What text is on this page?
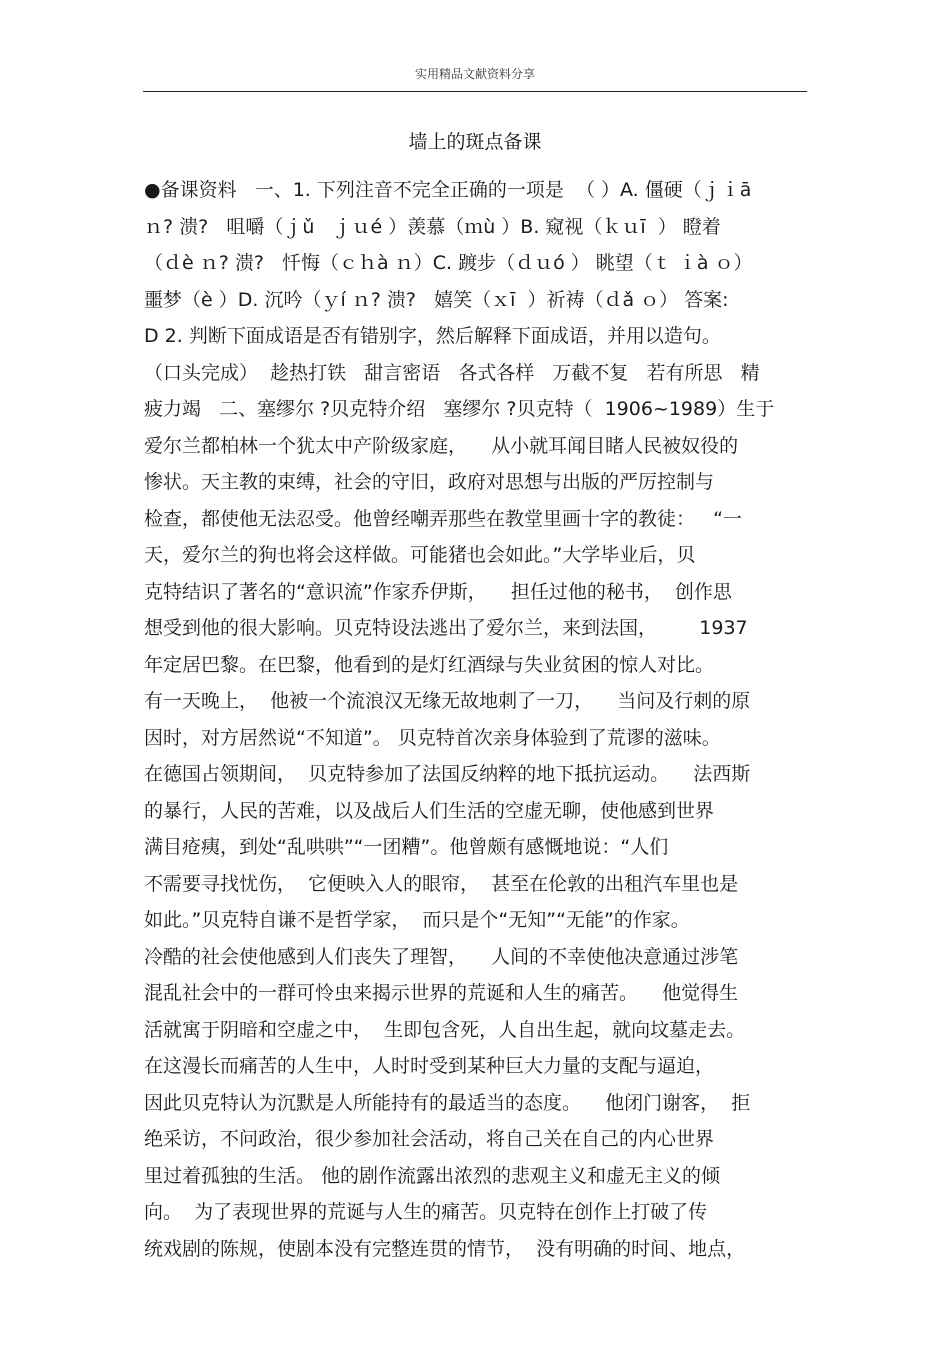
实用精品文献资料分享
墙上的斑点备课
●备课资料   一、1. 下列注音不完全正确的一项是  （ ）A. 僵硬（ｊｉā
ｎ? 溃?   咀嚼（ｊǔ   ｊｕé ）羡慕（ｍù ）B. 窥视（ｋｕī  ） 瞪着
（ｄè ｎ? 溃?   忏悔（ｃｈà ｎ）C. 踱步（ｄｕó ） 眺望（ｔ ｉà ｏ）
噩梦（è ）D. 沉吟（ｙí ｎ? 溃?   嬉笑（ｘī  ）祈祷（ｄǎ ｏ） 答案:
D 2. 判断下面成语是否有错别字，然后解释下面成语，并用以造句。
（口头完成）  趁热打铁   甜言密语   各式各样   万截不复   若有所思   精
疲力竭   二、塞缪尔 ?贝克特介绍   塞缪尔 ?贝克特（  1906~1989）生于
爱尔兰都柏林一个犹太中产阶级家庭，    从小就耳闻目睹人民被奴役的
惨状。天主教的束缚，社会的守旧，政府对思想与出版的严厉控制与
检查，都使他无法忍受。他曾经嘲弄那些在教堂里画十字的教徒：   “一
天，爱尔兰的狗也将会这样做。可能猪也会如此。”大学毕业后，贝
克特结识了著名的“意识流”作家乔伊斯，    担任过他的秘书，  创作思
想受到他的很大影响。贝克特设法逃出了爱尔兰，来到法国，       1937
年定居巴黎。在巴黎，他看到的是灯红酒绿与失业贫困的惊人对比。
有一天晚上，  他被一个流浪汉无缘无故地刺了一刀，    当问及行刺的原
因时，对方居然说“不知道”。 贝克特首次亲身体验到了荒谬的滋味。
在德国占领期间，  贝克特参加了法国反纳粹的地下抵抗运动。    法西斯
的暴行，人民的苦难，以及战后人们生活的空虚无聊，使他感到世界
满目疮痍，到处“乱哄哄”“一团糟”。他曾颇有感慨地说：“人们
不需要寻找忧伤，  它便映入人的眼帘，  甚至在伦敦的出租汽车里也是
如此。”贝克特自谦不是哲学家，  而只是个“无知”“无能”的作家。
冷酷的社会使他感到人们丧失了理智，    人间的不幸使他决意通过涉笔
混乱社会中的一群可怜虫来揭示世界的荒诞和人生的痛苦。    他觉得生
活就寓于阴暗和空虚之中，  生即包含死，人自出生起，就向坟墓走去。
在这漫长而痛苦的人生中，人时时受到某种巨大力量的支配与逼迫，
因此贝克特认为沉默是人所能持有的最适当的态度。    他闭门谢客，  拒
绝采访，不问政治，很少参加社会活动，将自己关在自己的内心世界
里过着孤独的生活。 他的剧作流露出浓烈的悲观主义和虚无主义的倾
向。  为了表现世界的荒诞与人生的痛苦。贝克特在创作上打破了传
统戏剧的陈规，使剧本没有完整连贯的情节，  没有明确的时间、地点，
